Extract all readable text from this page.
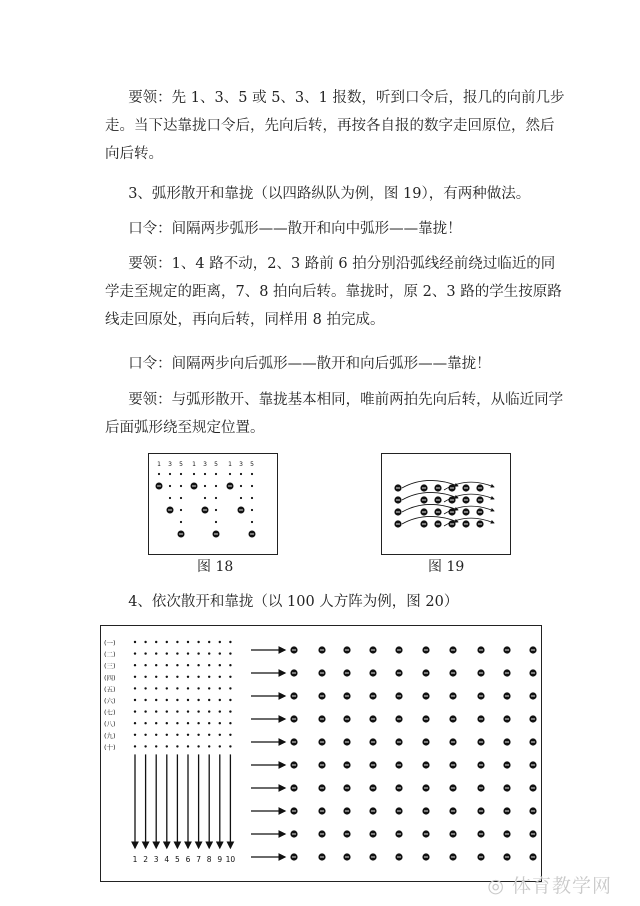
要领：先 1、3、5 或 5、3、1 报数，听到口令后，报几的向前几步走。当下达靠拢口令后，先向后转，再按各自报的数字走回原位，然后向后转。

3、弧形散开和靠拢（以四路纵队为例，图 19），有两种做法。

口令：间隔两步弧形——散开和向中弧形——靠拢！

要领：1、4 路不动，2、3 路前 6 拍分别沿弧线经前绕过临近的同学走至规定的距离，7、8 拍向后转。靠拢时，原 2、3 路的学生按原路线走回原处，再向后转，同样用 8 拍完成。

口令：间隔两步向后弧形——散开和向后弧形——靠拢！

要领：与弧形散开、靠拢基本相同，唯前两拍先向后转，从临近同学后面弧形绕至规定位置。

1 3 5 1 3 5 1 3 5
图 18	图 19

4、依次散开和靠拢（以 100 人方阵为例，图 20）

(一)
(二)
(三)
(四)
(五)
(六)
(七)
(八)
(九)
(十)
1 2 3 4 5 6 7 8 9 10
◎ 体育教学网
